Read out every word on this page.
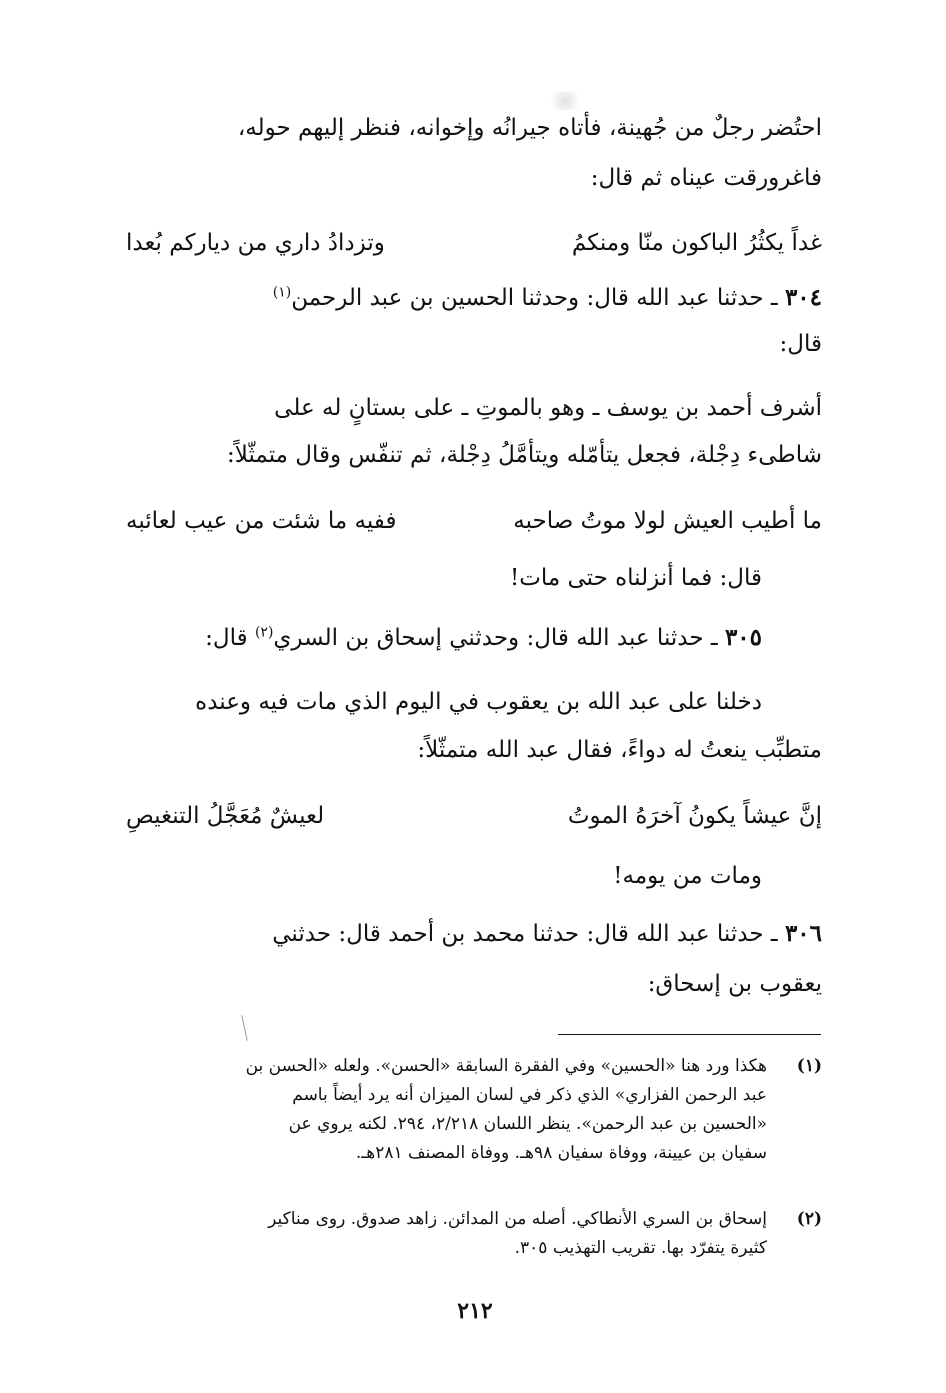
احتُضر رجلٌ من جُهينة، فأتاه جيرانُه وإخوانه، فنظر إليهم حوله،
فاغرورقت عيناه ثم قال:
غداً يكثُرُ الباكون منّا ومنكمُ
وتزدادُ داري من دياركم بُعدا
٣٠٤ ـ حدثنا عبد الله قال: وحدثنا الحسين بن عبد الرحمن$^{(١)}$
قال:
أشرف أحمد بن يوسف ـ وهو بالموتِ ـ على بستانٍ له على
شاطىء دِجْلة، فجعل يتأمّله ويتأمَّلُ دِجْلة، ثم تنفّس وقال متمثّلاً:
ما أطيب العيش لولا موتُ صاحبه
ففيه ما شئت من عيب لعائبه
قال: فما أنزلناه حتى مات!
٣٠٥ ـ حدثنا عبد الله قال: وحدثني إسحاق بن السري$^{(٢)}$ قال:
دخلنا على عبد الله بن يعقوب في اليوم الذي مات فيه وعنده
متطبِّب ينعتُ له دواءً، فقال عبد الله متمثّلاً:
إنَّ عيشاً يكونُ آخرَهُ الموتُ
لعيشٌ مُعَجَّلُ التنغيصِ
ومات من يومه!
٣٠٦ ـ حدثنا عبد الله قال: حدثنا محمد بن أحمد قال: حدثني
يعقوب بن إسحاق:
(١)
هكذا ورد هنا «الحسين» وفي الفقرة السابقة «الحسن». ولعله «الحسن بن
عبد الرحمن الفزاري» الذي ذكر في لسان الميزان أنه يرد أيضاً باسم
«الحسين بن عبد الرحمن». ينظر اللسان ٢/٢١٨، ٢٩٤. لكنه يروي عن
سفيان بن عيينة، ووفاة سفيان ٩٨هـ. ووفاة المصنف ٢٨١هـ.
(٢)
إسحاق بن السري الأنطاكي. أصله من المدائن. زاهد صدوق. روى مناكير
كثيرة يتفرّد بها. تقريب التهذيب ٣٠٥.
٢١٢
